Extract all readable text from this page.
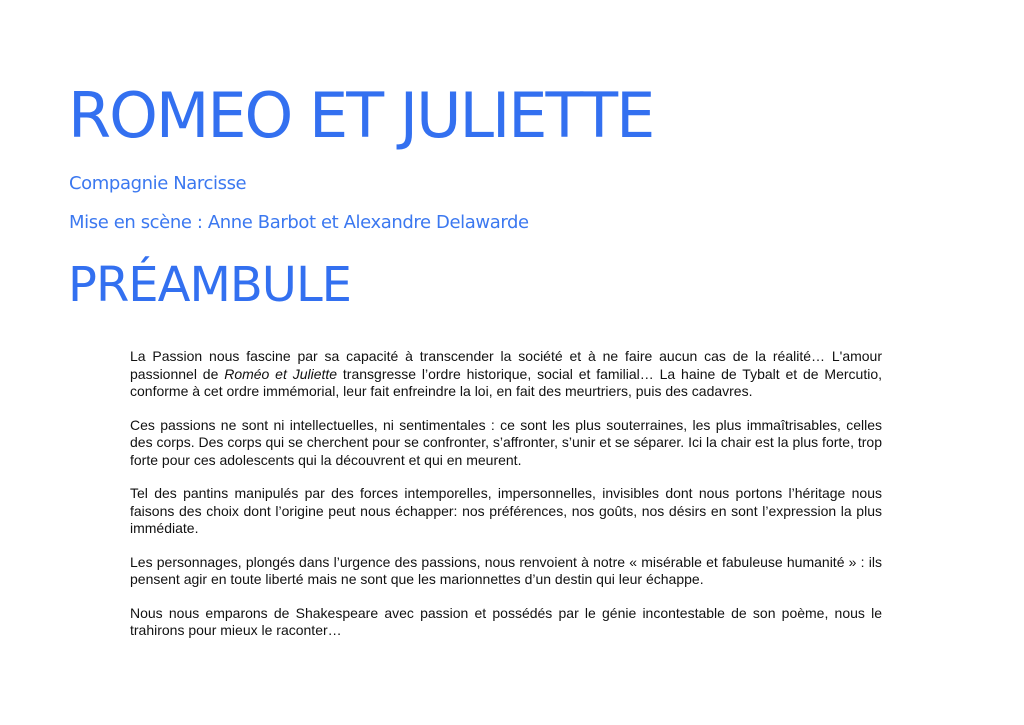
ROMEO ET JULIETTE
Compagnie Narcisse
Mise en scène : Anne Barbot et Alexandre Delawarde
PRÉAMBULE

La Passion nous fascine par sa capacité à transcender la société et à ne faire aucun cas de la réalité… L'amour passionnel de Roméo et Juliette transgresse l’ordre historique, social et familial… La haine de Tybalt et de Mercutio, conforme à cet ordre immémorial, leur fait enfreindre la loi, en fait des meurtriers, puis des cadavres.

Ces passions ne sont ni intellectuelles, ni sentimentales : ce sont les plus souterraines, les plus immaîtrisables, celles des corps. Des corps qui se cherchent pour se confronter, s’affronter, s’unir et se séparer. Ici la chair est la plus forte, trop forte pour ces adolescents qui la découvrent et qui en meurent.

Tel des pantins manipulés par des forces intemporelles, impersonnelles, invisibles dont nous portons l’héritage nous faisons des choix dont l’origine peut nous échapper: nos préférences, nos goûts, nos désirs en sont l’expression la plus immédiate.

Les personnages, plongés dans l’urgence des passions, nous renvoient à notre « misérable et fabuleuse humanité » : ils pensent agir en toute liberté mais ne sont que les marionnettes d’un destin qui leur échappe.

Nous nous emparons de Shakespeare avec passion et possédés par le génie incontestable de son poème, nous le trahirons pour mieux le raconter…
